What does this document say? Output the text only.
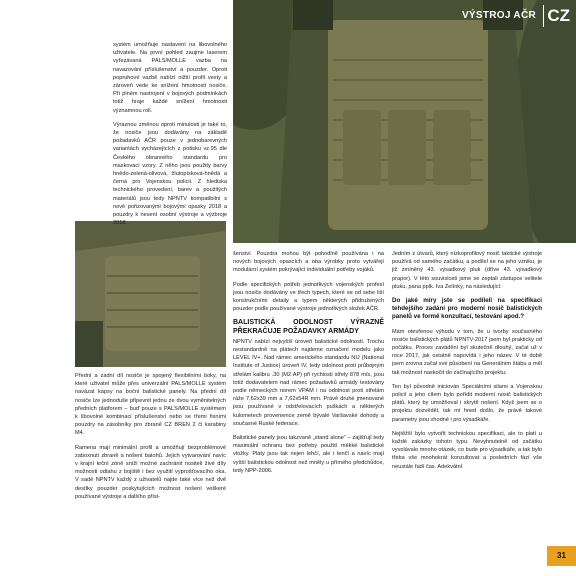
VÝSTROJ AČR CZ

systém umožňuje nastavení na libovolného uživatele. Na první pohled zaujme laserem vyřezávaná PALS/MOLLE vazba na navazování příslušenství a pouzder. Oproti popruhové vazbě nabízí nižší profil vesty a zároveň vede ke snížení hmotnosti nosiče. Při plném nastrojení v bojových podmínkách totiž hraje každé snížení hmotnosti významnou roli.

Výraznou změnou oproti minulosti je také to, že nosiče jsou dodávány na základě požadavků AČR pouze v jednobarevných variantách vycházejících z potisku vz.95 dle Českého obranného standardu pro maskovací vzory. Z něho jsou použity barvy hnědo-zelená-olivová, žlutopísková-hnědá a černá pro Vojenskou policii. Z hlediska technického provedení, barev a použitých materiálů jsou tedy NPNTV kompatibilní s nově pořizovanými bojovými opasky 2018 a pouzdry k nesení osobní výstroje a výzbroje 2018.

Přední a zadní díl nosiče je spojený flexibilními boky, na které uživatel může přes univerzální PALS/MOLLE systém navázat kapsy na boční balistické panely. Na přední díl nosiče lze jednoduše připevnit jednu ze dvou vyměnitelných předních platforem – buď pouze s PALS/MOLLE systémem k libovolné kombinaci příslušenství nebo se třemi fixními pouzdry na zásobníky pro zbraně CZ BREN 2 či karabiny M4.

Ramena mají minimální profil a umožňují bezproblémové zaboxnutí zbraně a nošení batohů. Jejich vytvarování navíc v krajní krční zóně sníží možné zachránit nositeli živé díly možnosti odtahu z bojiště i bez využití vyprošťovacího oka. V sadě NPNTV každý z uživatelů najde také více než dvě desítky pouzder poskytujících možnost nošení veškeré používané výstroje a dalšího přísl-

šenství. Pouzdra mohou být pohodlně používána i na nových bojových opascích a oba výrobky proto vytvářejí modulární systém pokrývající individuální potřeby vojáků.

Podle specifických potřeb jednotlivých vojenských profesí jsou nosiče dodávány ve třech typech, které se od sebe liší konstrukčními detaily a typem některých přidružených pouzder podle používané výstroje jednotlivých složek AČR.

BALISTICKÁ ODOLNOST VÝRAZNĚ PŘEKRAČUJE POŽADAVKY ARMÁDY

NPNTV nabízí nejvyšší úroveň balistické odolnosti. Trochu nestandardně na plátech najdeme označení modelu jako LEVEL IV+. Nad rámec amerického standardu NIJ (National Institute of Justice) úroveň IV, tedy odolnost proti průbojným střelám kalibru .30 (M2 AP) při rychlosti střely 878 m/s, jsou totiž dodavatelem nad rámec požadavků armády testovány podle německých norem VPAM i na odolnost proti střelám ráže 7,62x39 mm a 7,62x54R mm. Právě druhé jmenované jsou používané v odstřelovacích puškách a některých kulometech provenience země bývalé Varšavské dohody a současné Ruské federace.

Balistické panely jsou takzvaně „stand alone“ – zajišťují tedy maximální ochranu bez potřeby použití měkké balistické vložky. Pláty jsou tak nejen lehčí, ale i tenčí a navíc mají vyšší balistickou odolnost než mněly u přímého předchůdce, tedy NPP-2006.

Jedním z útvarů, který nízkoprofilový nosič taktické výstroje používá od samého začátku, a podílel se na jeho vzniku, je již zmíněný 43. výsadkový pluk (dříve 43. výsadkový prapor). V této souvislosti jsme se zeptali zástupce velitele pluku, pana pplk. Iva Zelínky, na následující:

Do jaké míry jste se podíleli na specifikaci tehdejšího zadání pro moderní nosič balistických panelů ve formě konzultací, testování apod.?

Mám otevřenou výhodu v tom, že u tvorby současného nosiče balistických plátů NPNTV-2017 jsem byl prakticky od počátku. Proces zavádění byl skutečně dlouhý, začal už v roce 2017, jak ostatně napovídá i jeho název. V té době jsem zrovna začal své působení na Generálním štábu a měl tak možnost naskočit do začínajícího projektu.

Ten byl původně iniciován Speciálními silami a Vojenskou policií a jeho cílem bylo pořídit moderní nosič balistických plátů, který by umožňoval i skrytě nošení. Když jsem se o projektu dozvěděl, tak mi hned došlo, že právě takové parametry jsou vhodné i pro výsadkáře.

Nejtěžší bylo vytvořit technickou specifikaci, ale to platí u každé zakázky tohoto typu. Nevyhnutelně od začátku vyvolávalo mnoho otázek, co bude pro výsadkáře, a tak bylo třeba vše mnohokrát konzultovat a posledních fází vše neustále řadí čas. Adekvátní

31
